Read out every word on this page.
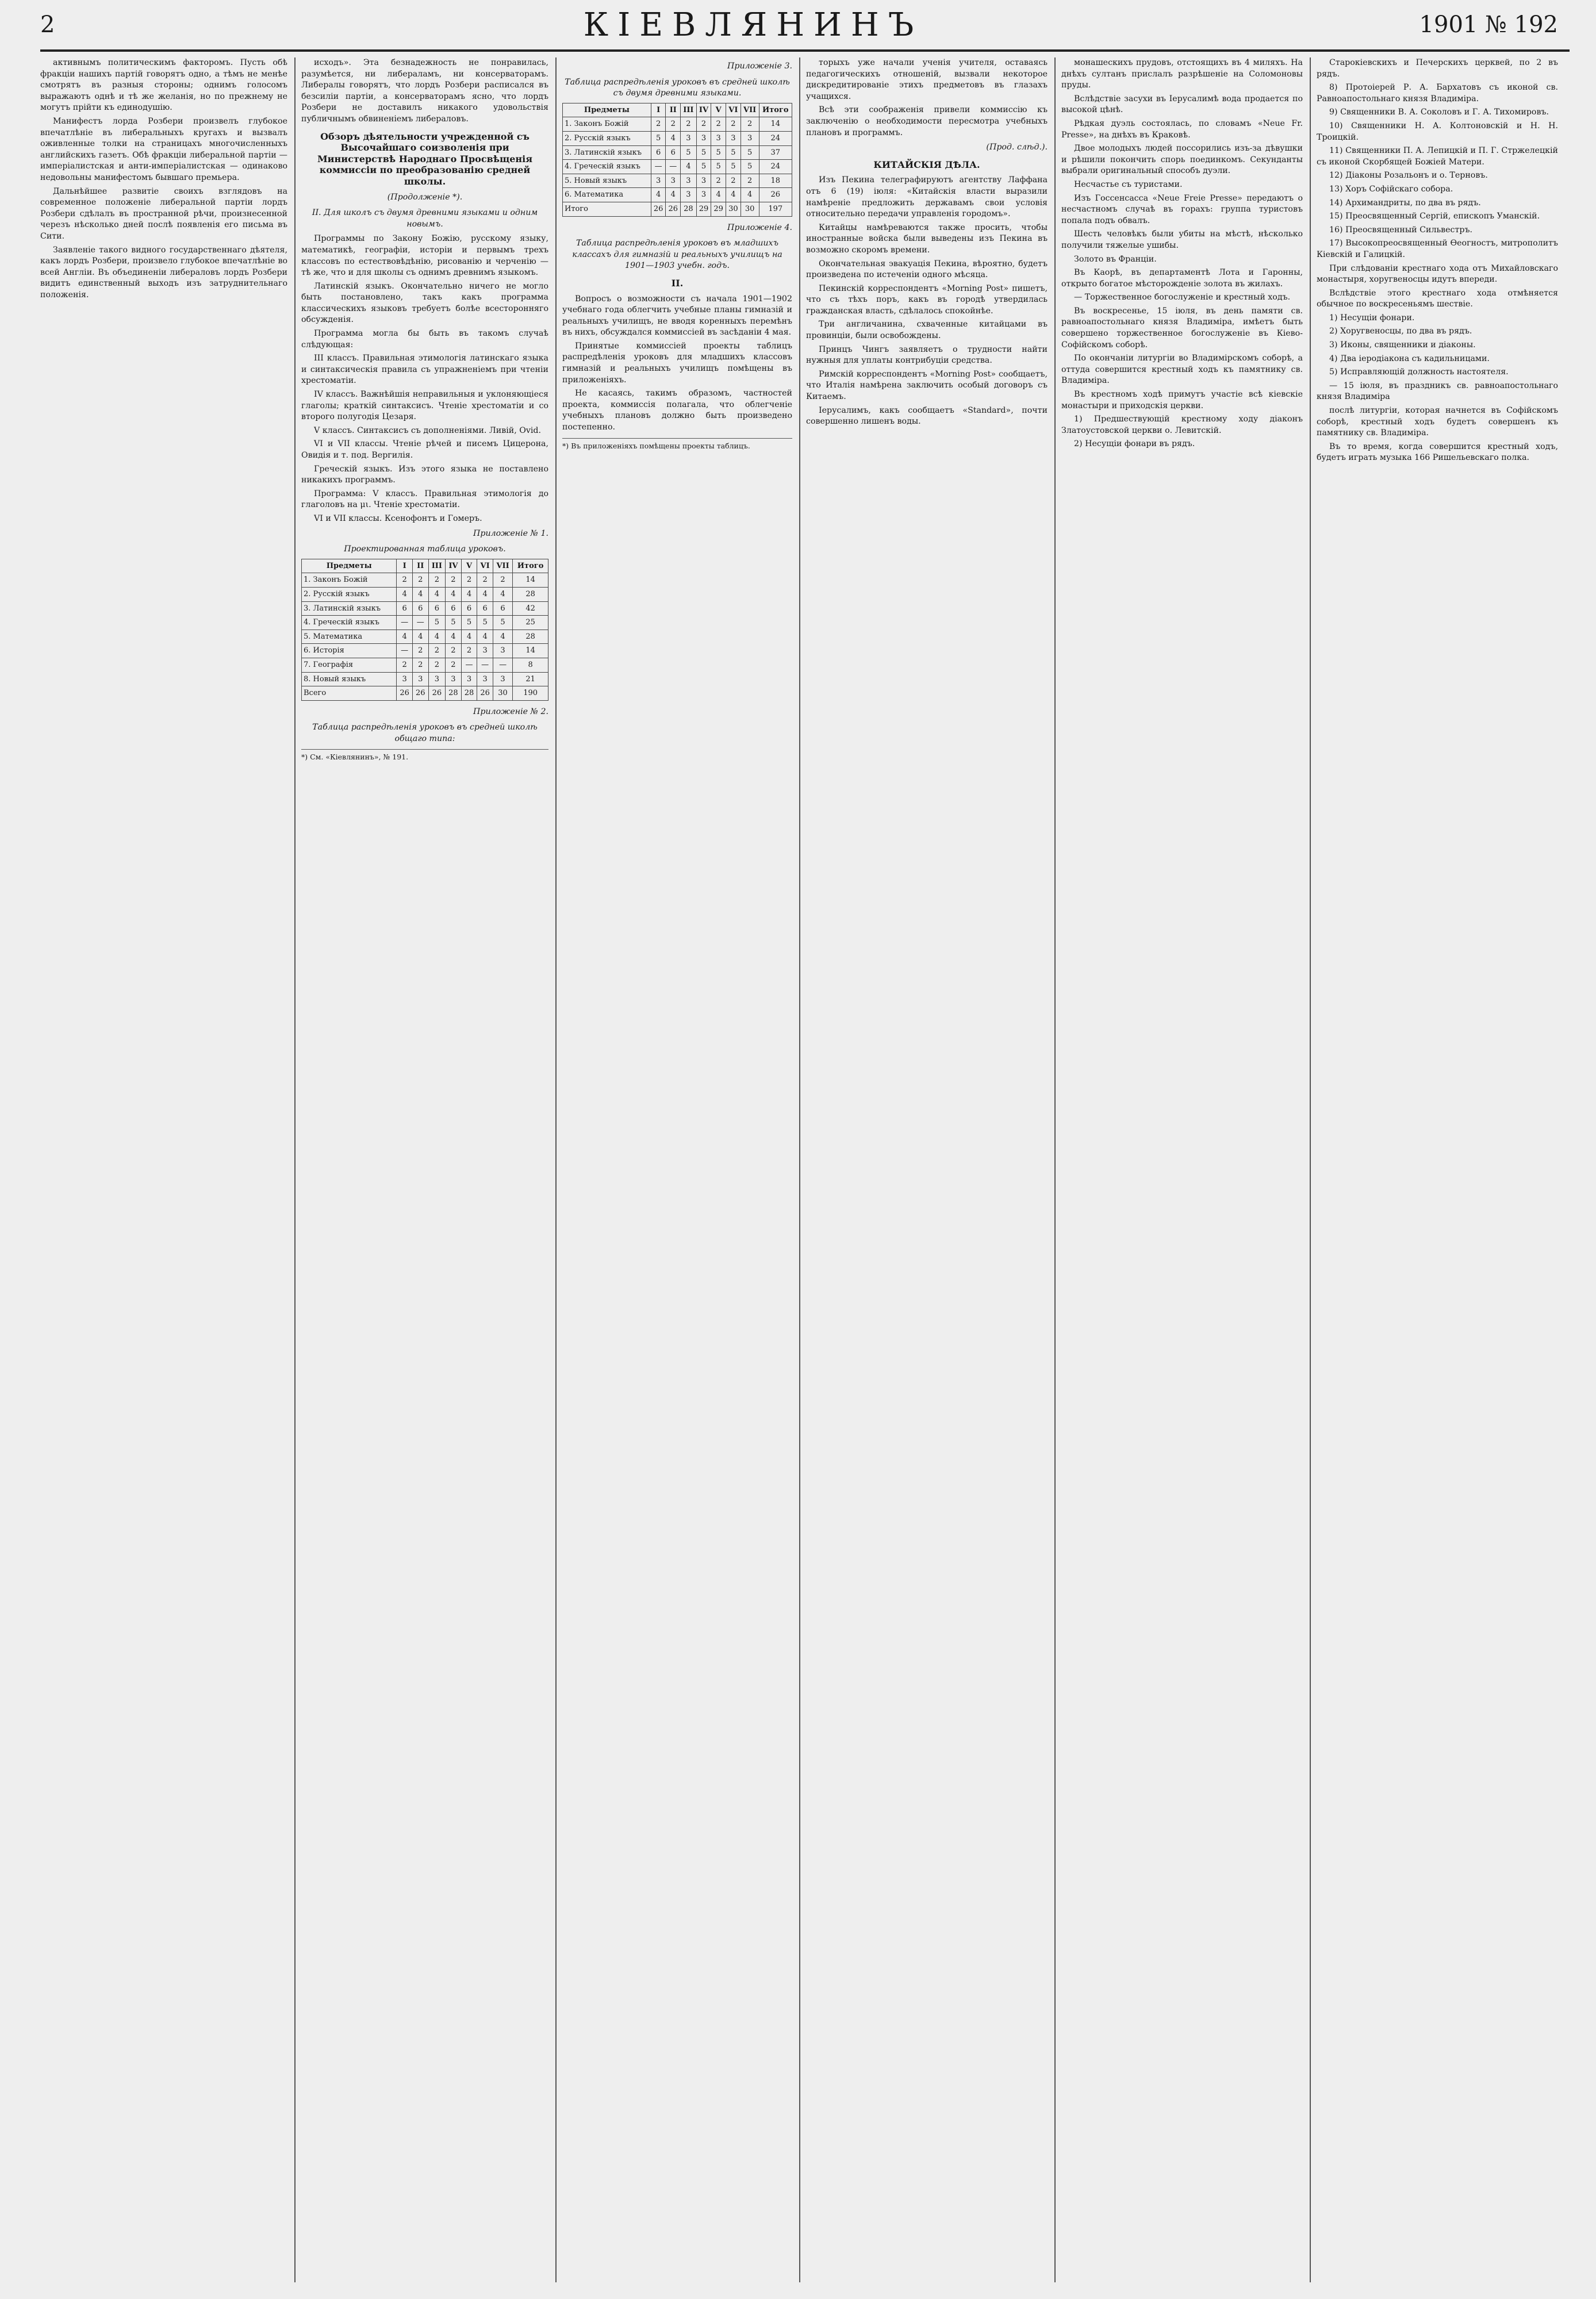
2	КІЕВЛЯНИНЪ	1901 № 192

активнымъ политическимъ факторомъ. Пусть обѣ фракціи нашихъ партій говорятъ одно, а тѣмъ не менѣе смотрятъ въ разныя стороны; однимъ голосомъ выражаютъ однѣ и тѣ же желанія, но по прежнему не могутъ прійти къ единодушію.

Манифестъ лорда Розбери произвелъ глубокое впечатлѣніе въ либеральныхъ кругахъ и вызвалъ оживленные толки на страницахъ многочисленныхъ английскихъ газетъ. Обѣ фракціи либеральной партіи — имперіалистская и анти-имперіалистская — одинаково недовольны манифестомъ бывшаго премьера.

Дальнѣйшее развитіе своихъ взглядовъ на современное положеніе либеральной партіи лордъ Розбери сдѣлалъ въ пространной рѣчи, произнесенной черезъ нѣсколько дней послѣ появленія его письма въ Сити.

Заявленіе такого видного государственнаго дѣятеля, какъ лордъ Розбери, произвело глубокое впечатлѣніе во всей Англіи. Въ объединеніи либераловъ лордъ Розбери видитъ единственный выходъ изъ затруднительнаго положенія.

исходъ». Эта безнадежность не понравилась, разумѣется, ни либераламъ, ни консерваторамъ. Либералы говорятъ, что лордъ Розбери расписался въ безсиліи партіи, а консерваторамъ ясно, что лордъ Розбери не доставилъ никакого удовольствія публичнымъ обвиненіемъ либераловъ.

Обзоръ дѣятельности учрежденной съ Высочайшаго соизволенія при Министерствѣ Народнаго Просвѣщенія коммиссіи по преобразованію средней школы.

(Продолженіе *).

II. Для школъ съ двумя древними языками и одним новымъ.

Программы по Закону Божію, русскому языку, математикѣ, географіи, исторіи и первымъ трехъ классовъ по естествовѣдѣнію, рисованію и черченію — тѣ же, что и для школы съ однимъ древнимъ языкомъ.

Латинскій языкъ. Окончательно ничего не могло быть постановлено, такъ какъ программа классическихъ языковъ требуетъ болѣе всесторонняго обсужденія.

Программа могла бы быть въ такомъ случаѣ слѣдующая:

III классъ. Правильная этимологія латинскаго языка и синтаксическія правила съ упражненіемъ при чтеніи хрестоматіи.

IV классъ. Важнѣйшія неправильныя и уклоняющіеся глаголы; краткій синтаксисъ. Чтеніе хрестоматіи и со второго полугодія Цезаря.

V классъ. Синтаксисъ съ дополненіями. Ливій, Ovid.

VI и VII классы. Чтеніе рѣчей и писемъ Цицерона, Овидія и т. под. Вергилія.

Греческій языкъ. Изъ этого языка не поставлено никакихъ программъ.

Программа: V классъ. Правильная этимологія до глаголовъ на μι. Чтеніе хрестоматіи.

VI и VII классы. Ксенофонтъ и Гомеръ.

Приложеніе № 1.

Проектированная таблица уроковъ.

Предметы	I	II	III	IV	V	VI	VII	Итого
1. Законъ Божій	2	2	2	2	2	2	2	14
2. Русскій языкъ	4	4	4	4	4	4	4	28
3. Латинскій языкъ	6	6	6	6	6	6	6	42
4. Греческій языкъ	—	—	5	5	5	5	5	25
5. Математика	4	4	4	4	4	4	4	28
6. Исторія	—	2	2	2	2	3	3	14
7. Географія	2	2	2	2	—	—	—	8
8. Новый языкъ	3	3	3	3	3	3	3	21
Всего	26	26	26	28	28	26	30	190

Приложеніе № 2.

Таблица распредѣленія уроковъ въ средней школѣ общаго типа:

*) См. «Кіевлянинъ», № 191.

Приложеніе 3.

Таблица распредѣленія уроковъ въ средней школѣ съ двумя древними языками.

Предметы	I	II	III	IV	V	VI	VII	Итого
1. Законъ Божій	2	2	2	2	2	2	2	14
2. Русскій языкъ	5	4	3	3	3	3	3	24
3. Латинскій языкъ	6	6	5	5	5	5	5	37
4. Греческій языкъ	—	—	4	5	5	5	5	24
5. Новый языкъ	3	3	3	3	2	2	2	18
6. Математика	4	4	3	3	4	4	4	26
Итого	26	26	28	29	29	30	30	197

Приложеніе 4.

Таблица распредѣленія уроковъ въ младшихъ классахъ для гимназій и реальныхъ училищъ на 1901—1903 учебн. годъ.

II.

Вопросъ о возможности съ начала 1901—1902 учебнаго года облегчить учебные планы гимназій и реальныхъ училищъ, не вводя коренныхъ перемѣнъ въ нихъ, обсуждался коммиссіей въ засѣданіи 4 мая.

Принятые коммиссіей проекты таблицъ распредѣленія уроковъ для младшихъ классовъ гимназій и реальныхъ училищъ помѣщены въ приложеніяхъ.

Не касаясь, такимъ образомъ, частностей проекта, коммиссія полагала, что облегченіе учебныхъ плановъ должно быть произведено постепенно.

*) Въ приложеніяхъ помѣщены проекты таблицъ.

торыхъ уже начали ученія учителя, оставаясь педагогическихъ отношеній, вызвали некоторое дискредитированіе этихъ предметовъ въ глазахъ учащихся.

Всѣ эти соображенія привели коммиссію къ заключенію о необходимости пересмотра учебныхъ плановъ и программъ.

(Прод. слѣд.).

КИТАЙСКІЯ ДѢЛА.

Изъ Пекина телеграфируютъ агентству Лаффана отъ 6 (19) іюля: «Китайскія власти выразили намѣреніе предложить державамъ свои условія относительно передачи управленія городомъ».

Китайцы намѣреваются также просить, чтобы иностранные войска были выведены изъ Пекина въ возможно скоромъ времени.

Окончательная эвакуація Пекина, вѣроятно, будетъ произведена по истеченіи одного мѣсяца.

Пекинскій корреспондентъ «Morning Post» пишетъ, что съ тѣхъ поръ, какъ въ городѣ утвердилась гражданская власть, сдѣлалось спокойнѣе.

Три англичанина, схваченные китайцами въ провинціи, были освобождены.

Принцъ Чингъ заявляетъ о трудности найти нужныя для уплаты контрибуціи средства.

Римскій корреспондентъ «Morning Post» сообщаетъ, что Италія намѣрена заключить особый договоръ съ Китаемъ.

Іерусалимъ, какъ сообщаетъ «Standard», почти совершенно лишенъ воды.

монашескихъ прудовъ, отстоящихъ въ 4 миляхъ. На днѣхъ султанъ прислалъ разрѣшеніе на Соломоновы пруды.

Вслѣдствіе засухи въ Іерусалимѣ вода продается по высокой цѣнѣ.

Рѣдкая дуэль состоялась, по словамъ «Neue Fr. Presse», на днѣхъ въ Краковѣ.

Двое молодыхъ людей поссорились изъ-за дѣвушки и рѣшили покончить спорь поединкомъ. Секунданты выбрали оригинальный способъ дуэли.

Несчастье съ туристами.

Изъ Госсенсасса «Neue Freie Presse» передаютъ о несчастномъ случаѣ въ горахъ: группа туристовъ попала подъ обвалъ.

Шесть человѣкъ были убиты на мѣстѣ, нѣсколько получили тяжелые ушибы.

Золото въ Франціи.

Въ Каорѣ, въ департаментѣ Лота и Гаронны, открыто богатое мѣсторожденіе золота въ жилахъ.

— Торжественное богослуженіе и крестный ходъ.

Въ воскресенье, 15 іюля, въ день памяти св. равноапостольнаго князя Владиміра, имѣетъ быть совершено торжественное богослуженіе въ Кіево-Софійскомъ соборѣ.

По окончаніи литургіи во Владимірскомъ соборѣ, а оттуда совершится крестный ходъ къ памятнику св. Владиміра.

Въ крестномъ ходѣ примутъ участіе всѣ кіевскіе монастыри и приходскія церкви.

1) Предшествующій крестному ходу діаконъ Златоустовской церкви о. Левитскій.

2) Несущіи фонари въ рядъ.

Старокіевскихъ и Печерскихъ церквей, по 2 въ рядъ.

8) Протоіерей Р. А. Бархатовъ съ иконой св. Равноапостольнаго князя Владиміра.

9) Священники В. А. Соколовъ и Г. А. Тихомировъ.

10) Священники Н. А. Колтоновскій и Н. Н. Троицкій.

11) Священники П. А. Лепицкій и П. Г. Стржелецкій съ иконой Скорбящей Божіей Матери.

12) Діаконы Розальонъ и о. Терновъ.

13) Хоръ Софійскаго собора.

14) Архимандриты, по два въ рядъ.

15) Преосвященный Сергій, епископъ Уманскій.

16) Преосвященный Сильвестръ.

17) Высокопреосвященный Ѳеогностъ, митрополитъ Кіевскій и Галицкій.

При слѣдованіи крестнаго хода отъ Михайловскаго монастыря, хоругвеносцы идутъ впереди.

Вслѣдствіе этого крестнаго хода отмѣняется обычное по воскресеньямъ шествіе.

1) Несущіи фонари.

2) Хоругвеносцы, по два въ рядъ.

3) Иконы, священники и діаконы.

4) Два іеродіакона съ кадильницами.

5) Исправляющій должность настоятеля.

— 15 іюля, въ праздникъ св. равноапостольнаго князя Владиміра

послѣ литургіи, которая начнется въ Софійскомъ соборѣ, крестный ходъ будетъ совершенъ къ памятнику св. Владиміра.

Въ то время, когда совершится крестный ходъ, будетъ играть музыка 166 Ришельевскаго полка.
